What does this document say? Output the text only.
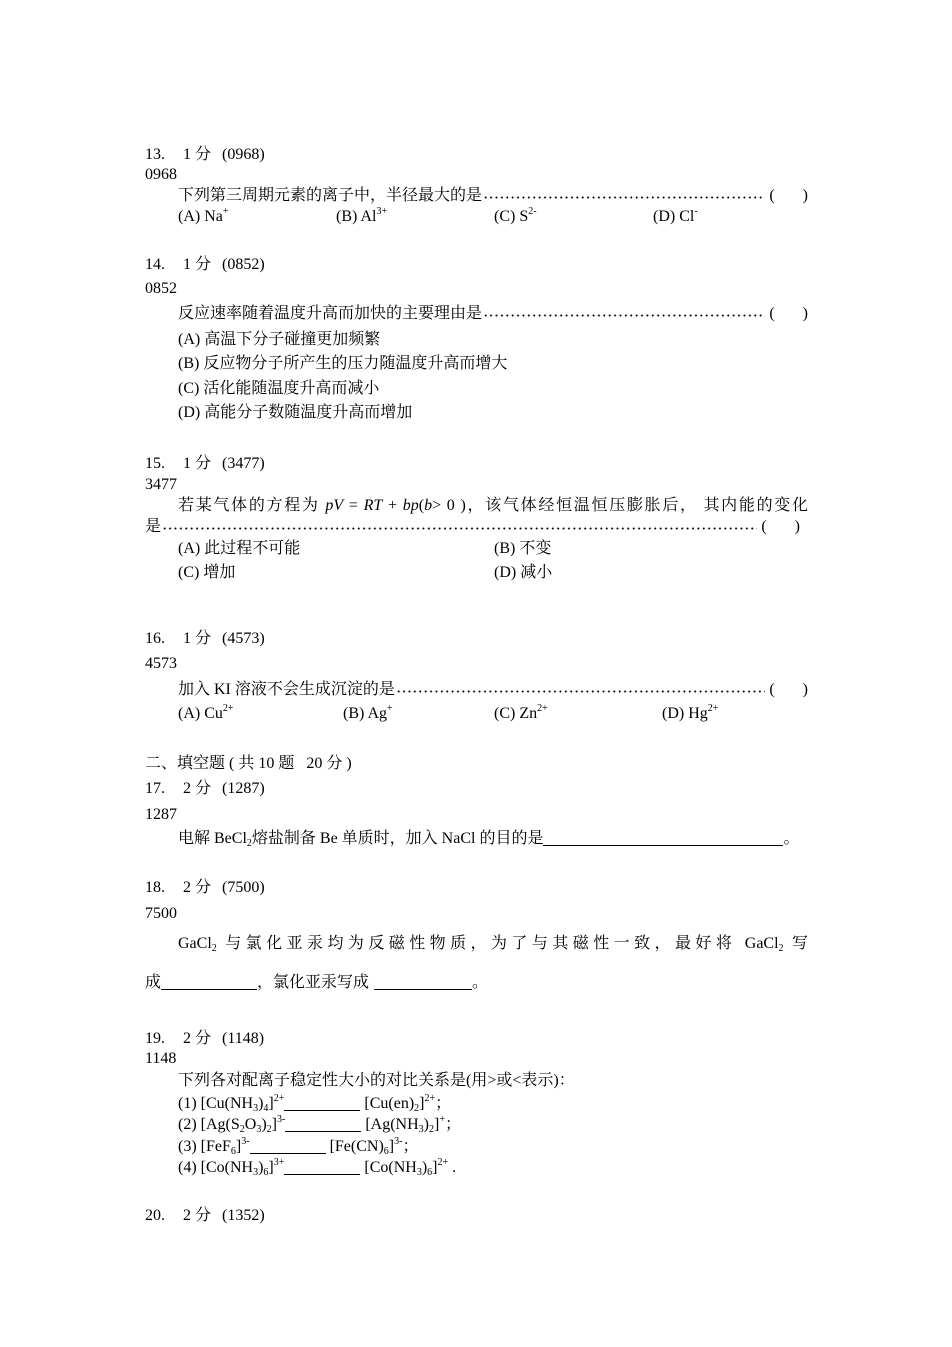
13. 1 分 (0968)
0968
下列第三周期元素的离子中，半径最大的是	(       )
(A) Na+	(B) $Al^{3+}$	(C) $S^{2-}$	(D) Cl-
14. 1 分 (0852)
0852
反应速率随着温度升高而加快的主要理由是	(       )
(A) 高温下分子碰撞更加频繁
(B) 反应物分子所产生的压力随温度升高而增大
(C) 活化能随温度升高而减小
(D) 高能分子数随温度升高而增加
15. 1 分 (3477)
3477
若某气体的方程为 pV = RT + bp(b> 0 )，该气体经恒温恒压膨胀后， 其内能的变化
是	(       )
(A) 此过程不可能	(B) 不变
(C) 增加	(D) 减小
16. 1 分 (4573)
4573
加入 KI 溶液不会生成沉淀的是	(       )
(A) $Cu^{2+}$	(B) Ag+	(C) $Zn^{2+}$	(D) $Hg^{2+}$
二、填空题 ( 共 10 题   20 分 )
17. 2 分 (1287)
1287
电解 BeCl$_2$熔盐制备 Be 单质时，加入 NaCl 的目的是	。
18. 2 分 (7500)
7500
GaCl$_2$ 与氯化亚汞均为反磁性物质，为了与其磁性一致，最好将 GaCl$_2$ 写
成	，氯化亚汞写成	。
19. 2 分 (1148)
1148
下列各对配离子稳定性大小的对比关系是(用>或<表示)：
(1) $[Cu(NH_3)_4]^{2+}$	$[Cu(en)_2]^{2+}$；
(2) $[Ag(S_2O_3)_2]^{3-}$	$[Ag(NH_3)_2]^+$；
(3) $[FeF_6]^{3-}$	$[Fe(CN)_6]^{3-}$；
(4) $[Co(NH_3)_6]^{3+}$	$[Co(NH_3)_6]^{2+}$ .
20. 2 分 (1352)
